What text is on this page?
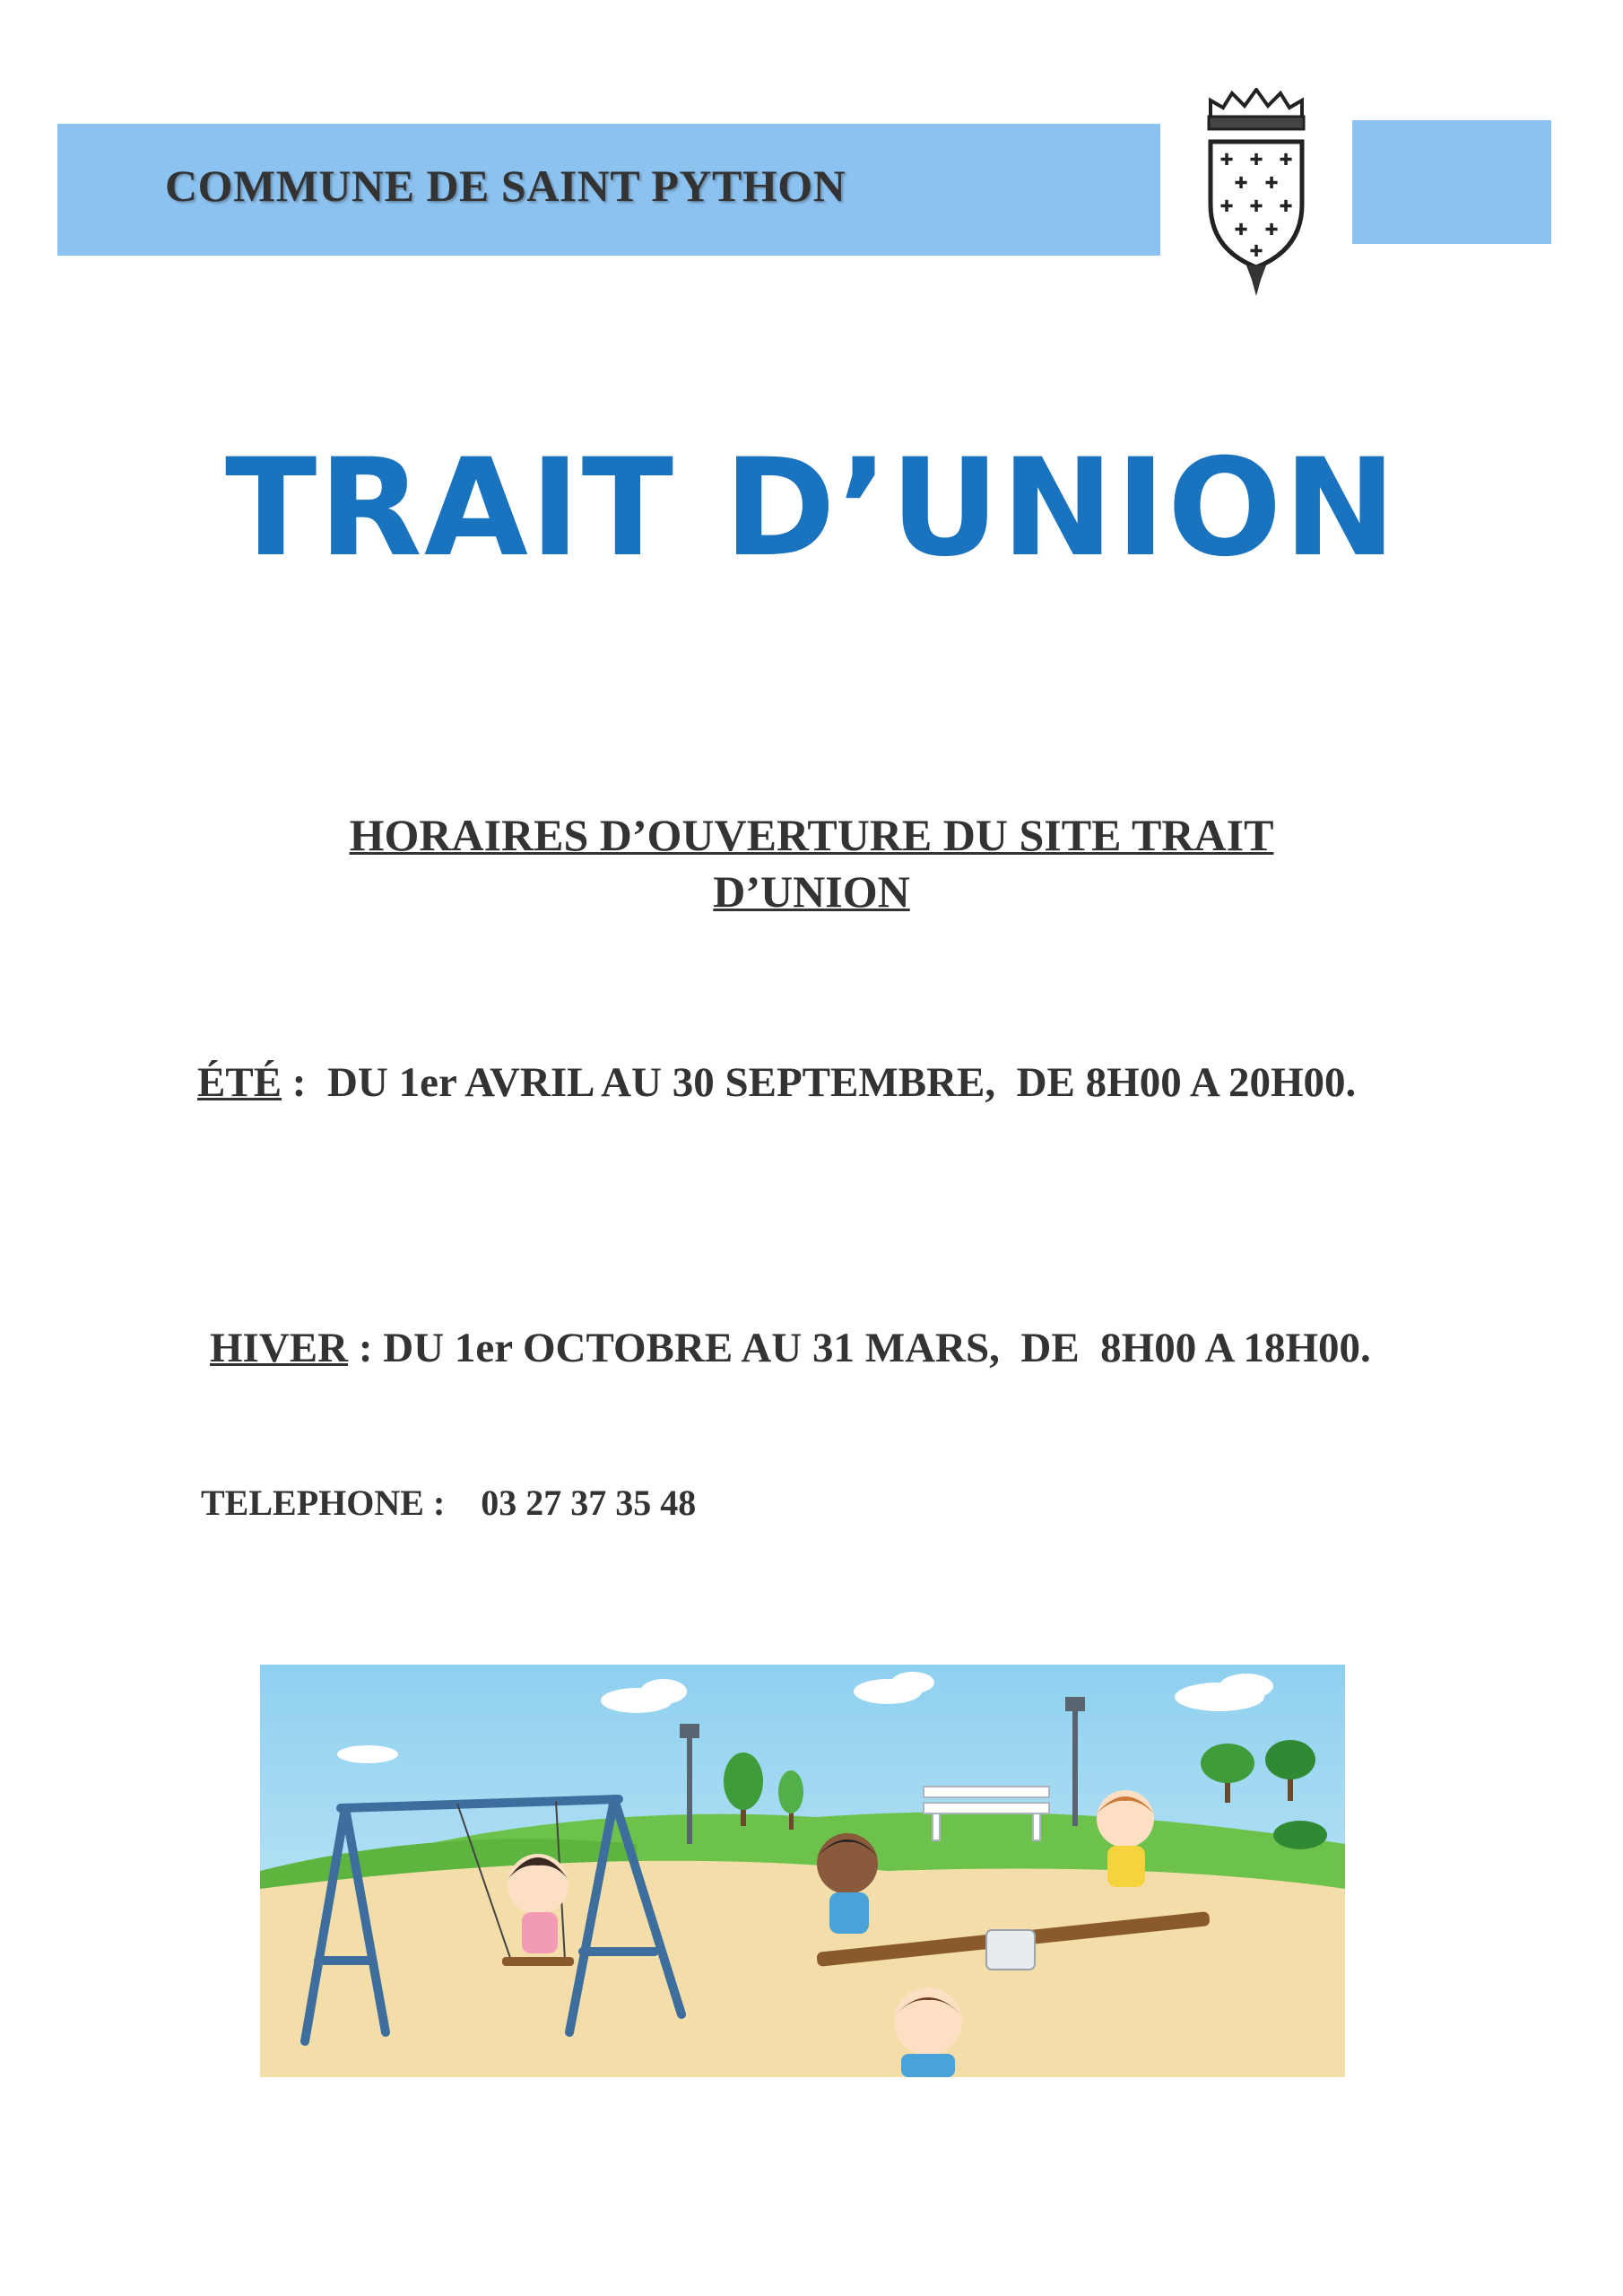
COMMUNE DE SAINT PYTHON
✚ ✚ ✚
✚ ✚
✚ ✚ ✚
✚ ✚
✚
TRAIT D’UNION
HORAIRES D’OUVERTURE DU SITE TRAIT
D’UNION
ÉTÉ :  DU 1er AVRIL AU 30 SEPTEMBRE,  DE 8H00 A 20H00.
HIVER : DU 1er OCTOBRE AU 31 MARS,  DE  8H00 A 18H00.
TELEPHONE : 03 27 37 35 48
